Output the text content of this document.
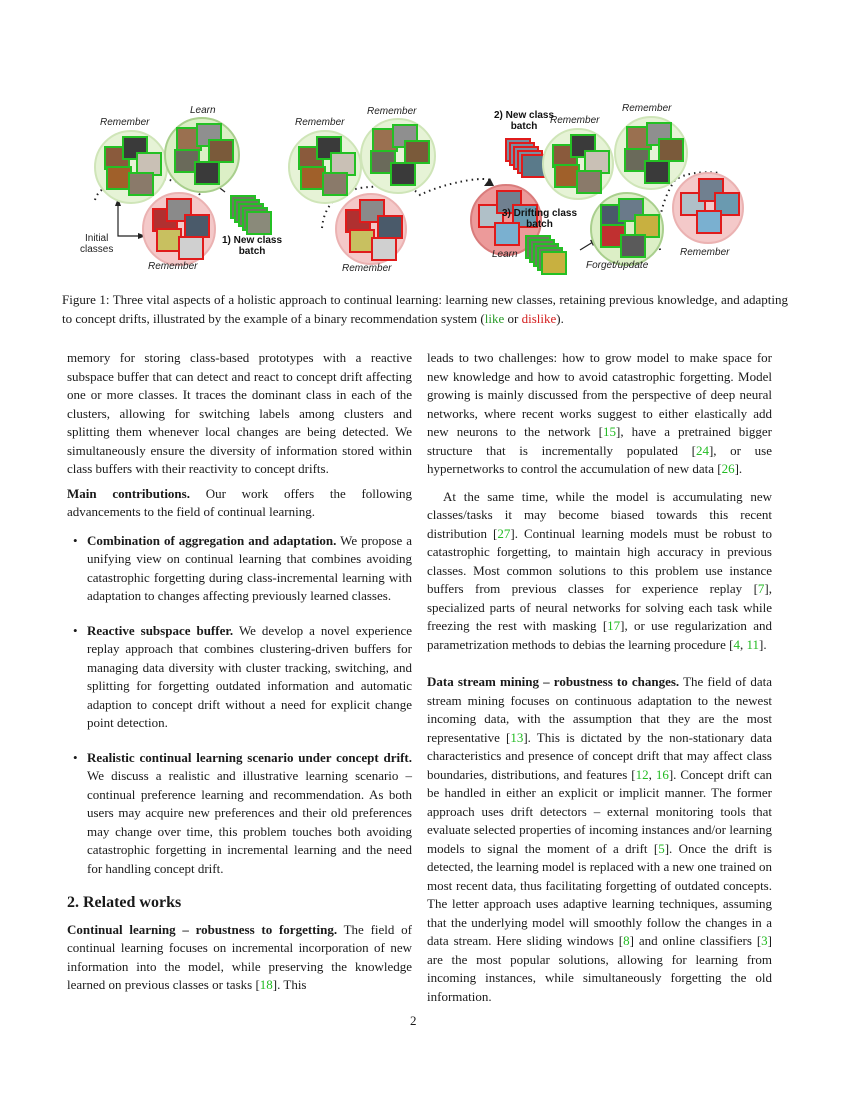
Remember
Learn
Initial
classes
1) New class
batch
Remember
Remember
Remember	2) New class
batch
Remember
Learn
Remember
Remember
3) Drifting class
batch
Forget/update
Remember
Figure 1: Three vital aspects of a holistic approach to continual learning: learning new classes, retaining previous knowledge, and adapting to concept drifts, illustrated by the example of a binary recommendation system (like or dislike).

memory for storing class-based prototypes with a reactive subspace buffer that can detect and react to concept drift affecting one or more classes. It traces the dominant class in each of the clusters, allowing for switching labels among clusters and splitting them whenever local changes are being detected. We simultaneously ensure the diversity of information stored within class buffers with their reactivity to concept drifts.

Main contributions. Our work offers the following advancements to the field of continual learning.

• Combination of aggregation and adaptation. We propose a unifying view on continual learning that combines avoiding catastrophic forgetting during class-incremental learning with adaptation to changes affecting previously learned classes.
• Reactive subspace buffer. We develop a novel experience replay approach that combines clustering-driven buffers for managing data diversity with cluster tracking, switching, and splitting for forgetting outdated information and automatic adaption to concept drift without a need for explicit change point detection.
• Realistic continual learning scenario under concept drift. We discuss a realistic and illustrative learning scenario – continual preference learning and recommendation. As both users may acquire new preferences and their old preferences may change over time, this problem touches both avoiding catastrophic forgetting in incremental learning and the need for handling concept drift.
2. Related works

Continual learning – robustness to forgetting. The field of continual learning focuses on incremental incorporation of new information into the model, while preserving the knowledge learned on previous classes or tasks [18]. This

leads to two challenges: how to grow model to make space for new knowledge and how to avoid catastrophic forgetting. Model growing is mainly discussed from the perspective of deep neural networks, where recent works suggest to either elastically add new neurons to the network [15], have a pretrained bigger structure that is incrementally populated [24], or use hypernetworks to control the accumulation of new data [26].

At the same time, while the model is accumulating new classes/tasks it may become biased towards this recent distribution [27]. Continual learning models must be robust to catastrophic forgetting, to maintain high accuracy in previous classes. Most common solutions to this problem use instance buffers from previous classes for experience replay [7], specialized parts of neural networks for solving each task while freezing the rest with masking [17], or use regularization and parametrization methods to debias the learning procedure [4, 11].

Data stream mining – robustness to changes. The field of data stream mining focuses on continuous adaptation to the newest incoming data, with the assumption that they are the most representative [13]. This is dictated by the non-stationary data characteristics and presence of concept drift that may affect class boundaries, distributions, and features [12, 16]. Concept drift can be handled in either an explicit or implicit manner. The former approach uses drift detectors – external monitoring tools that evaluate selected properties of incoming instances and/or learning models to signal the moment of a drift [5]. Once the drift is detected, the learning model is replaced with a new one trained on most recent data, thus facilitating forgetting of outdated concepts. The letter approach uses adaptive learning techniques, assuming that the underlying model will smoothly follow the changes in a data stream. Here sliding windows [8] and online classifiers [3] are the most popular solutions, allowing for learning from incoming instances, while simultaneously forgetting the old information.

2
